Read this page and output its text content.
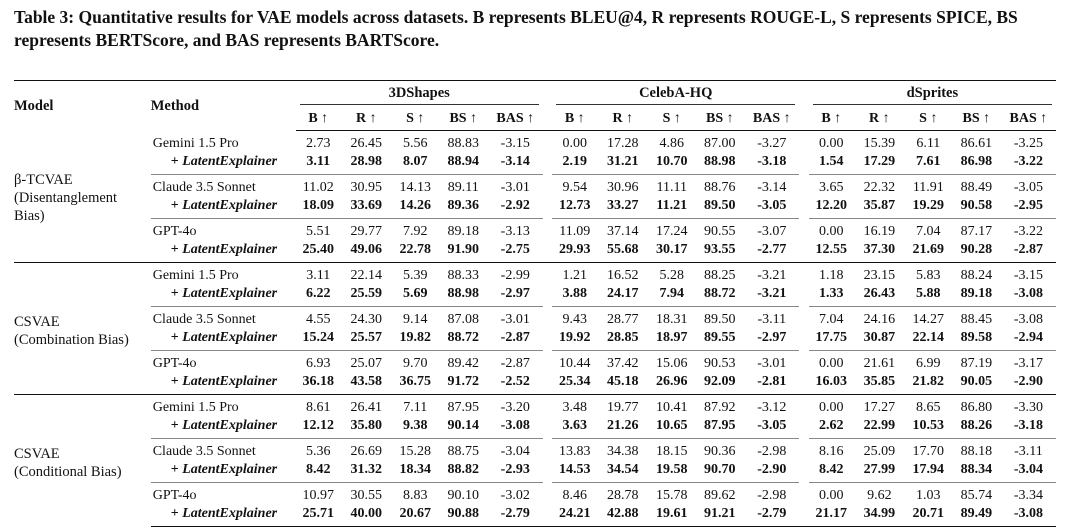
Table 3: Quantitative results for VAE models across datasets. B represents BLEU@4, R represents ROUGE-L, S represents SPICE, BS represents BERTScore, and BAS represents BARTScore.
Model	Method	3DShapes						CelebA-HQ						dSprites				

		B ↑	R ↑	S ↑	BS ↑	BAS ↑		B ↑	R ↑	S ↑	BS ↑	BAS ↑		B ↑	R ↑	S ↑	BS ↑	BAS ↑

β-TCVAE
(Disentanglement
Bias)	Gemini 1.5 Pro	2.73	26.45	5.56	88.83	-3.15		0.00	17.28	4.86	87.00	-3.27		0.00	15.39	6.11	86.61	-3.25
	+ LatentExplainer	3.11	28.98	8.07	88.94	-3.14		2.19	31.21	10.70	88.98	-3.18		1.54	17.29	7.61	86.98	-3.22
	Claude 3.5 Sonnet	11.02	30.95	14.13	89.11	-3.01		9.54	30.96	11.11	88.76	-3.14		3.65	22.32	11.91	88.49	-3.05
	+ LatentExplainer	18.09	33.69	14.26	89.36	-2.92		12.73	33.27	11.21	89.50	-3.05		12.20	35.87	19.29	90.58	-2.95
	GPT-4o	5.51	29.77	7.92	89.18	-3.13		11.09	37.14	17.24	90.55	-3.07		0.00	16.19	7.04	87.17	-3.22
	+ LatentExplainer	25.40	49.06	22.78	91.90	-2.75		29.93	55.68	30.17	93.55	-2.77		12.55	37.30	21.69	90.28	-2.87

CSVAE
(Combination Bias)	Gemini 1.5 Pro	3.11	22.14	5.39	88.33	-2.99		1.21	16.52	5.28	88.25	-3.21		1.18	23.15	5.83	88.24	-3.15
	+ LatentExplainer	6.22	25.59	5.69	88.98	-2.97		3.88	24.17	7.94	88.72	-3.21		1.33	26.43	5.88	89.18	-3.08
	Claude 3.5 Sonnet	4.55	24.30	9.14	87.08	-3.01		9.43	28.77	18.31	89.50	-3.11		7.04	24.16	14.27	88.45	-3.08
	+ LatentExplainer	15.24	25.57	19.82	88.72	-2.87		19.92	28.85	18.97	89.55	-2.97		17.75	30.87	22.14	89.58	-2.94
	GPT-4o	6.93	25.07	9.70	89.42	-2.87		10.44	37.42	15.06	90.53	-3.01		0.00	21.61	6.99	87.19	-3.17
	+ LatentExplainer	36.18	43.58	36.75	91.72	-2.52		25.34	45.18	26.96	92.09	-2.81		16.03	35.85	21.82	90.05	-2.90

CSVAE
(Conditional Bias)	Gemini 1.5 Pro	8.61	26.41	7.11	87.95	-3.20		3.48	19.77	10.41	87.92	-3.12		0.00	17.27	8.65	86.80	-3.30
	+ LatentExplainer	12.12	35.80	9.38	90.14	-3.08		3.63	21.26	10.65	87.95	-3.05		2.62	22.99	10.53	88.26	-3.18
	Claude 3.5 Sonnet	5.36	26.69	15.28	88.75	-3.04		13.83	34.38	18.15	90.36	-2.98		8.16	25.09	17.70	88.18	-3.11
	+ LatentExplainer	8.42	31.32	18.34	88.82	-2.93		14.53	34.54	19.58	90.70	-2.90		8.42	27.99	17.94	88.34	-3.04
	GPT-4o	10.97	30.55	8.83	90.10	-3.02		8.46	28.78	15.78	89.62	-2.98		0.00	9.62	1.03	85.74	-3.34
	+ LatentExplainer	25.71	40.00	20.67	90.88	-2.79		24.21	42.88	19.61	91.21	-2.79		21.17	34.99	20.71	89.49	-3.08
